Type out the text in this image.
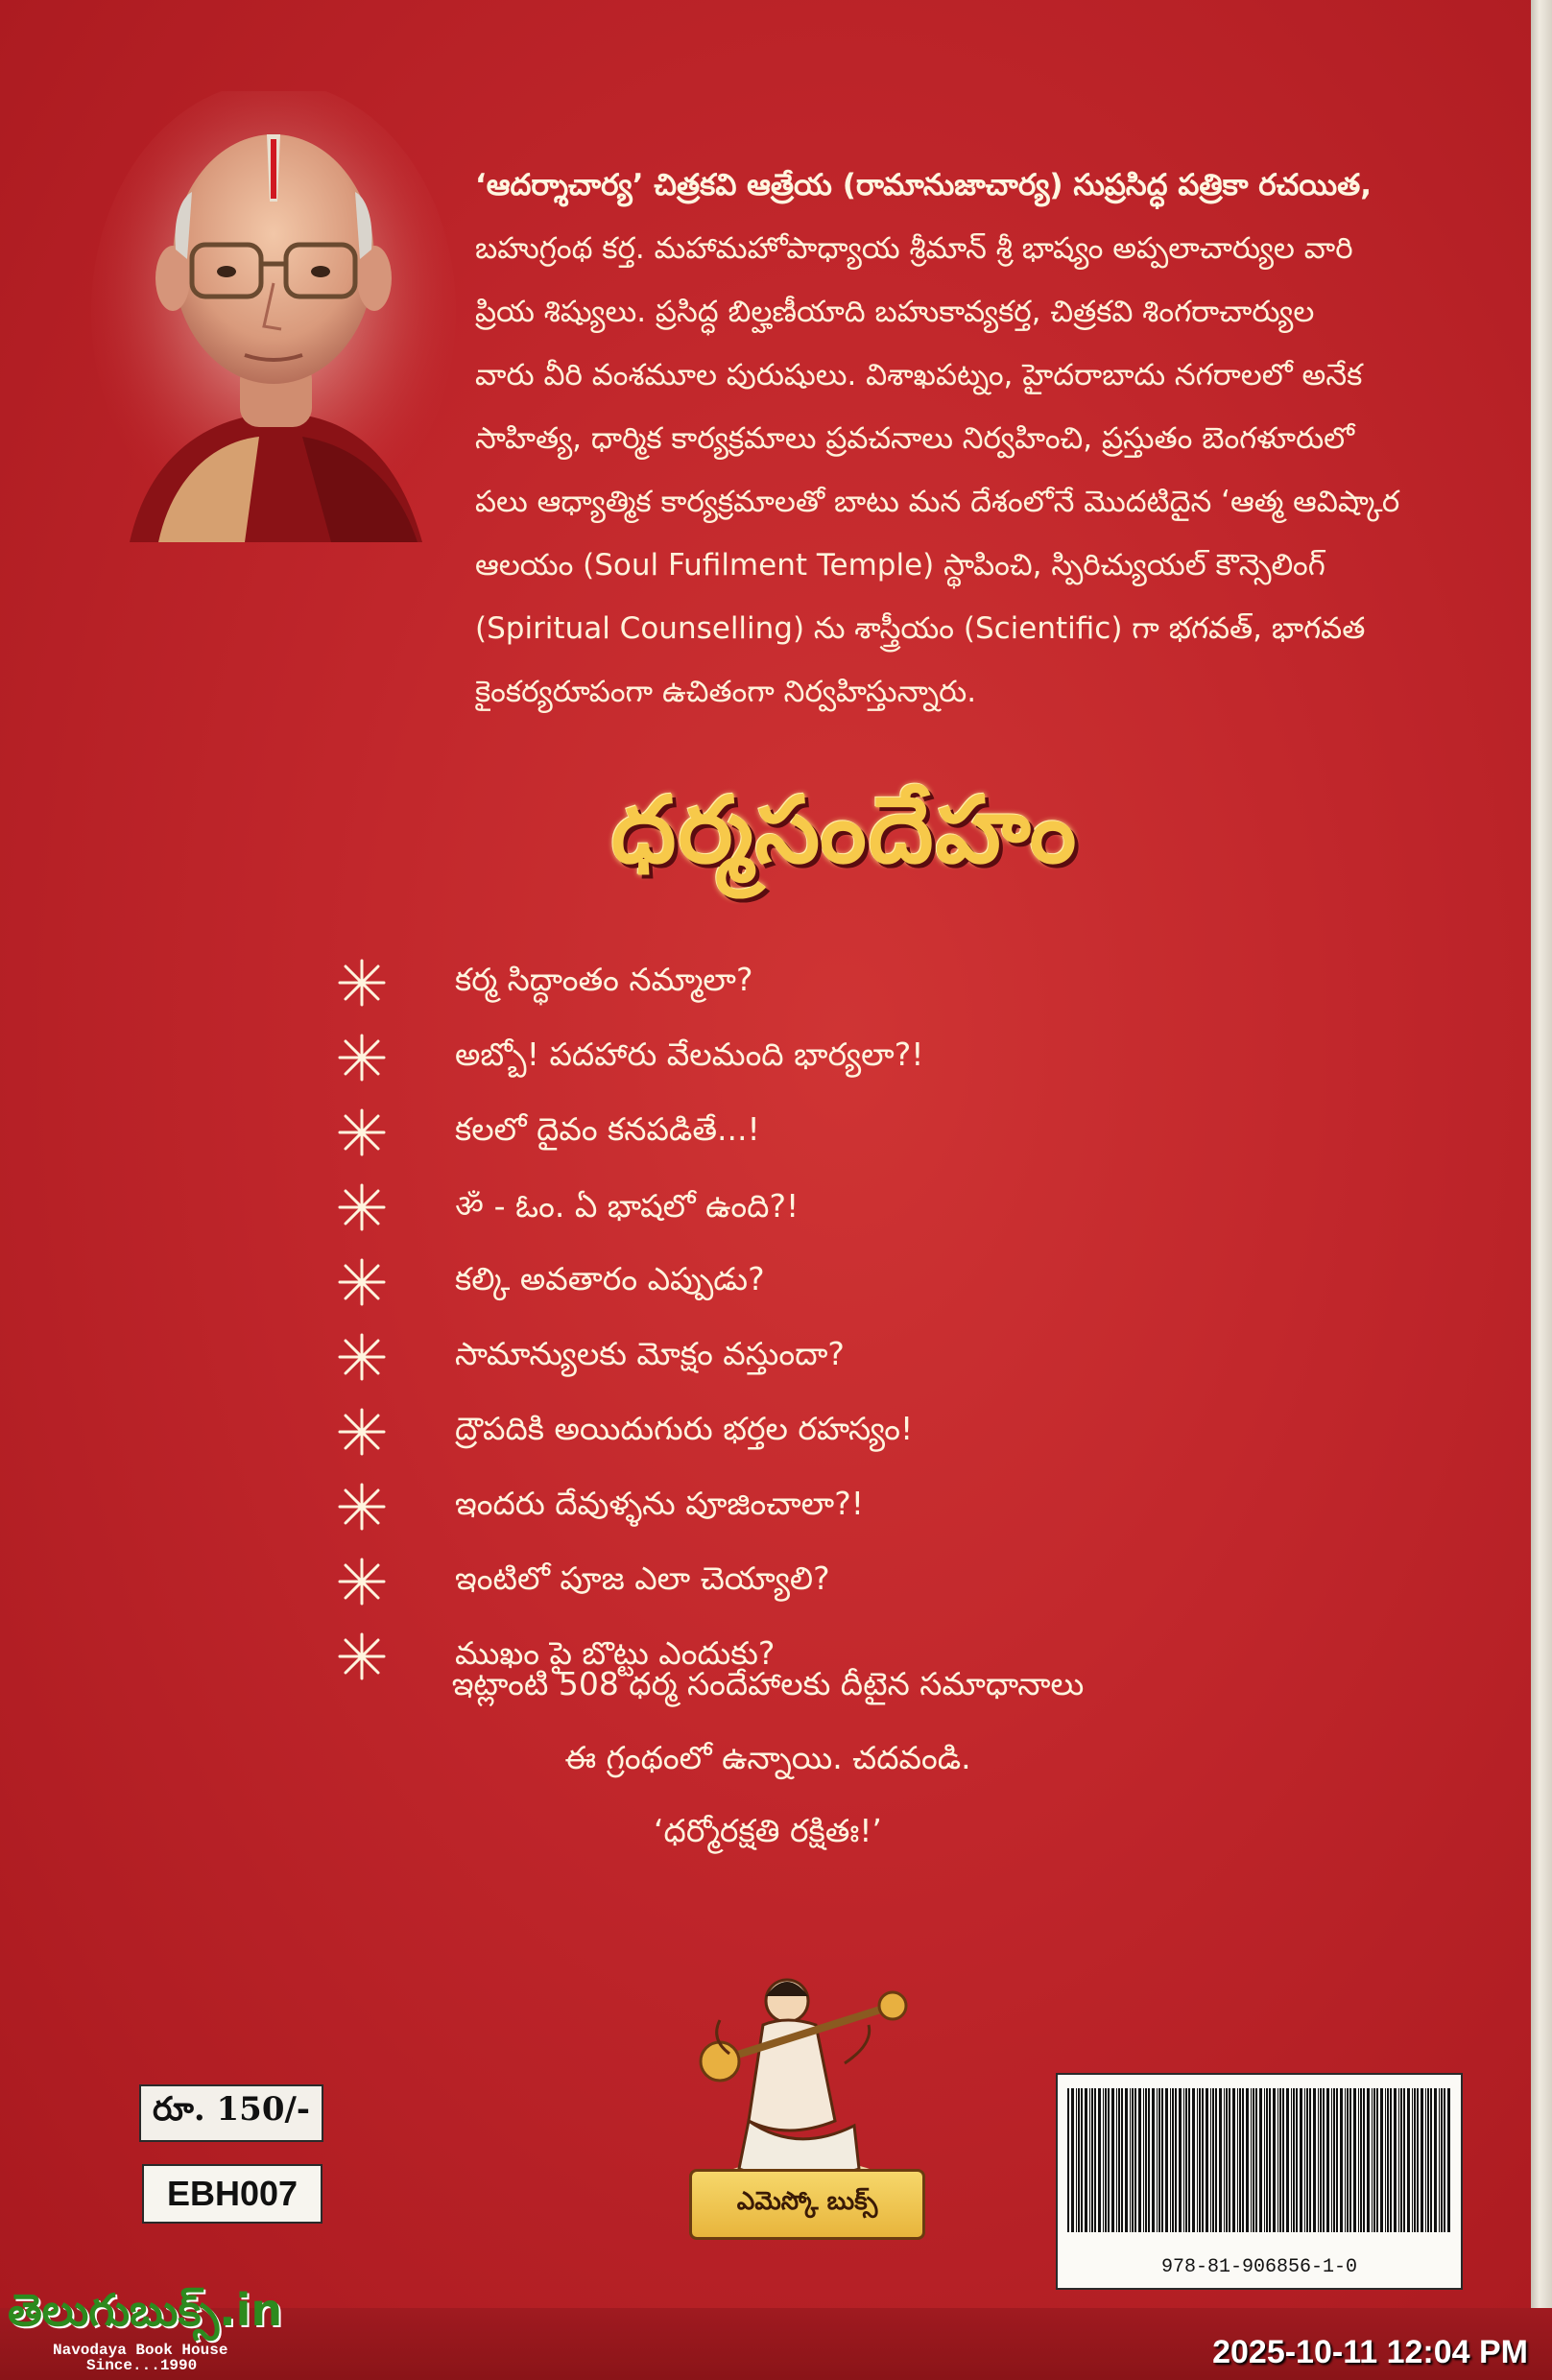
‘ఆదర్శాచార్య’ చిత్రకవి ఆత్రేయ (రామానుజాచార్య) సుప్రసిద్ధ పత్రికా రచయిత,
బహుగ్రంథ కర్త. మహామహోపాధ్యాయ శ్రీమాన్ శ్రీ భాష్యం అప్పలాచార్యుల వారి
ప్రియ శిష్యులు. ప్రసిద్ధ బిల్హణీయాది బహుకావ్యకర్త, చిత్రకవి శింగరాచార్యుల
వారు వీరి వంశమూల పురుషులు. విశాఖపట్నం, హైదరాబాదు నగరాలలో అనేక
సాహిత్య, ధార్మిక కార్యక్రమాలు ప్రవచనాలు నిర్వహించి, ప్రస్తుతం బెంగళూరులో
పలు ఆధ్యాత్మిక కార్యక్రమాలతో బాటు మన దేశంలోనే మొదటిదైన ‘ఆత్మ ఆవిష్కార
ఆలయం (Soul Fufilment Temple) స్థాపించి, స్పిరిచ్యుయల్ కౌన్సెలింగ్
(Spiritual Counselling) ను శాస్త్రీయం (Scientific) గా భగవత్, భాగవత
కైంకర్యరూపంగా ఉచితంగా నిర్వహిస్తున్నారు.
ధర్మసందేహం
కర్మ సిద్ధాంతం నమ్మాలా?
అబ్బో! పదహారు వేలమంది భార్యలా?!
కలలో దైవం కనపడితే...!
ॐ - ఓం. ఏ భాషలో ఉంది?!
కల్కి అవతారం ఎప్పుడు?
సామాన్యులకు మోక్షం వస్తుందా?
ద్రౌపదికి అయిదుగురు భర్తల రహస్యం!
ఇందరు దేవుళ్ళను పూజించాలా?!
ఇంటిలో పూజ ఎలా చెయ్యాలి?
ముఖం పై బొట్టు ఎందుకు?
ఇట్లాంటి 508 ధర్మ సందేహాలకు దీటైన సమాధానాలు
ఈ గ్రంథంలో ఉన్నాయి. చదవండి.
‘ధర్మోరక్షతి రక్షితః!’
రూ. 150/-
EBH007	ఎమెస్కో బుక్స్
978-81-906856-1-0
తెలుగుబుక్స్.in
Navodaya Book House
Since...1990	2025-10-11 12:04 PM
